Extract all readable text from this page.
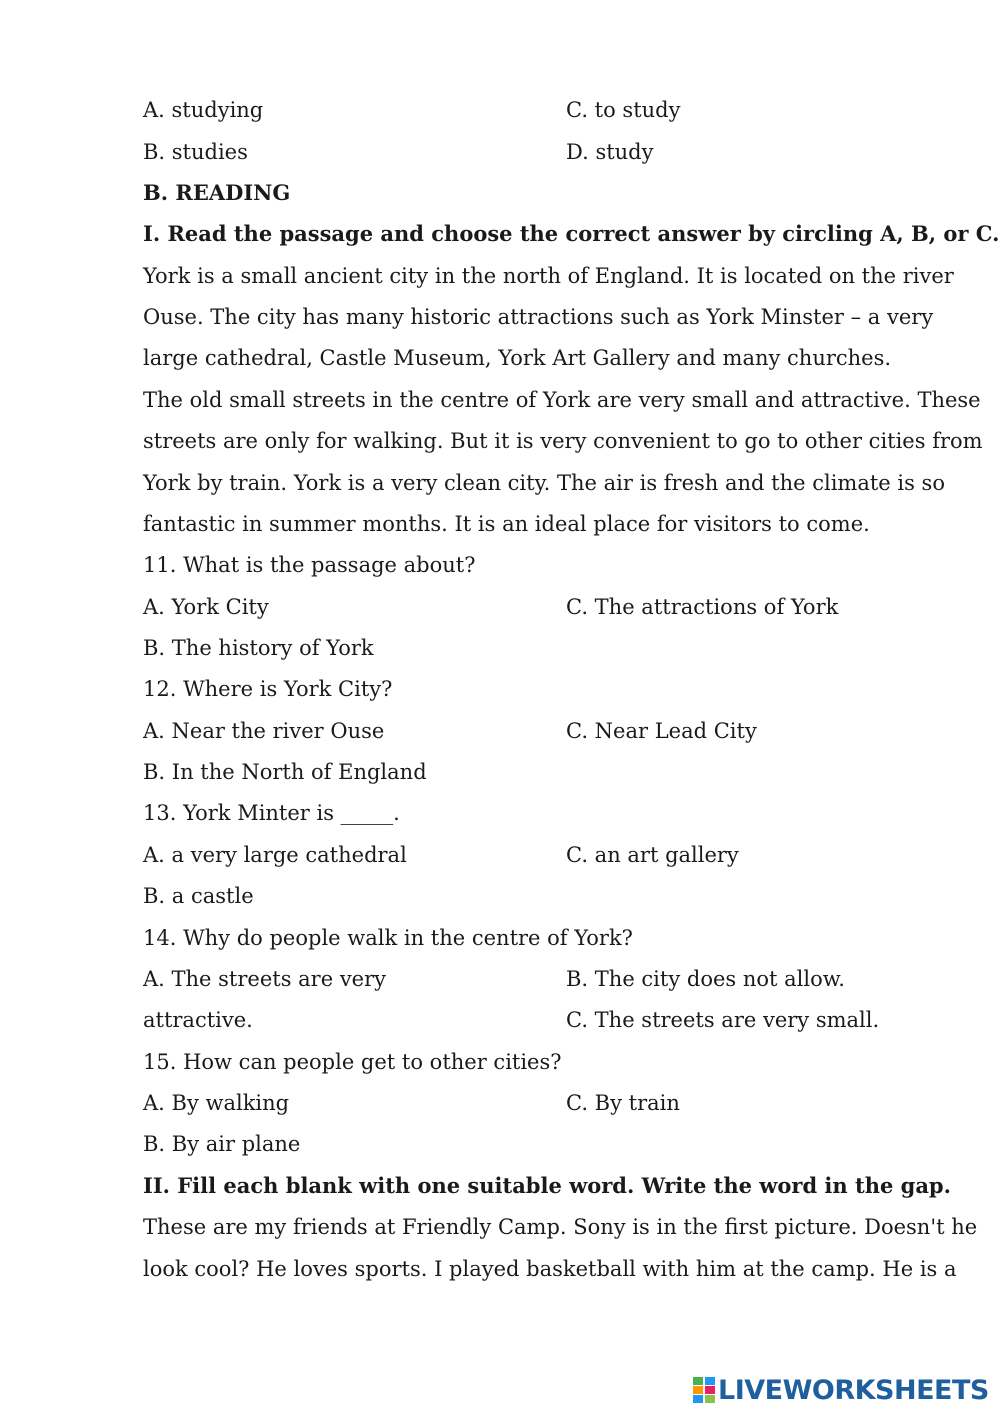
A. studying	C. to study
B. studies	D. study
B. READING
I. Read the passage and choose the correct answer by circling A, B, or C.
York is a small ancient city in the north of England. It is located on the river
Ouse. The city has many historic attractions such as York Minster – a very
large cathedral, Castle Museum, York Art Gallery and many churches.
The old small streets in the centre of York are very small and attractive. These
streets are only for walking. But it is very convenient to go to other cities from
York by train. York is a very clean city. The air is fresh and the climate is so
fantastic in summer months. It is an ideal place for visitors to come.
11. What is the passage about?
A. York City	C. The attractions of York
B. The history of York
12. Where is York City?
A. Near the river Ouse	C. Near Lead City
B. In the North of England
13. York Minter is _____.
A. a very large cathedral	C. an art gallery
B. a castle
14. Why do people walk in the centre of York?
A. The streets are very	B. The city does not allow.
attractive.	C. The streets are very small.
15. How can people get to other cities?
A. By walking	C. By train
B. By air plane
II. Fill each blank with one suitable word. Write the word in the gap.
These are my friends at Friendly Camp. Sony is in the first picture. Doesn't he
look cool? He loves sports. I played basketball with him at the camp. He is a
LIVEWORKSHEETS
